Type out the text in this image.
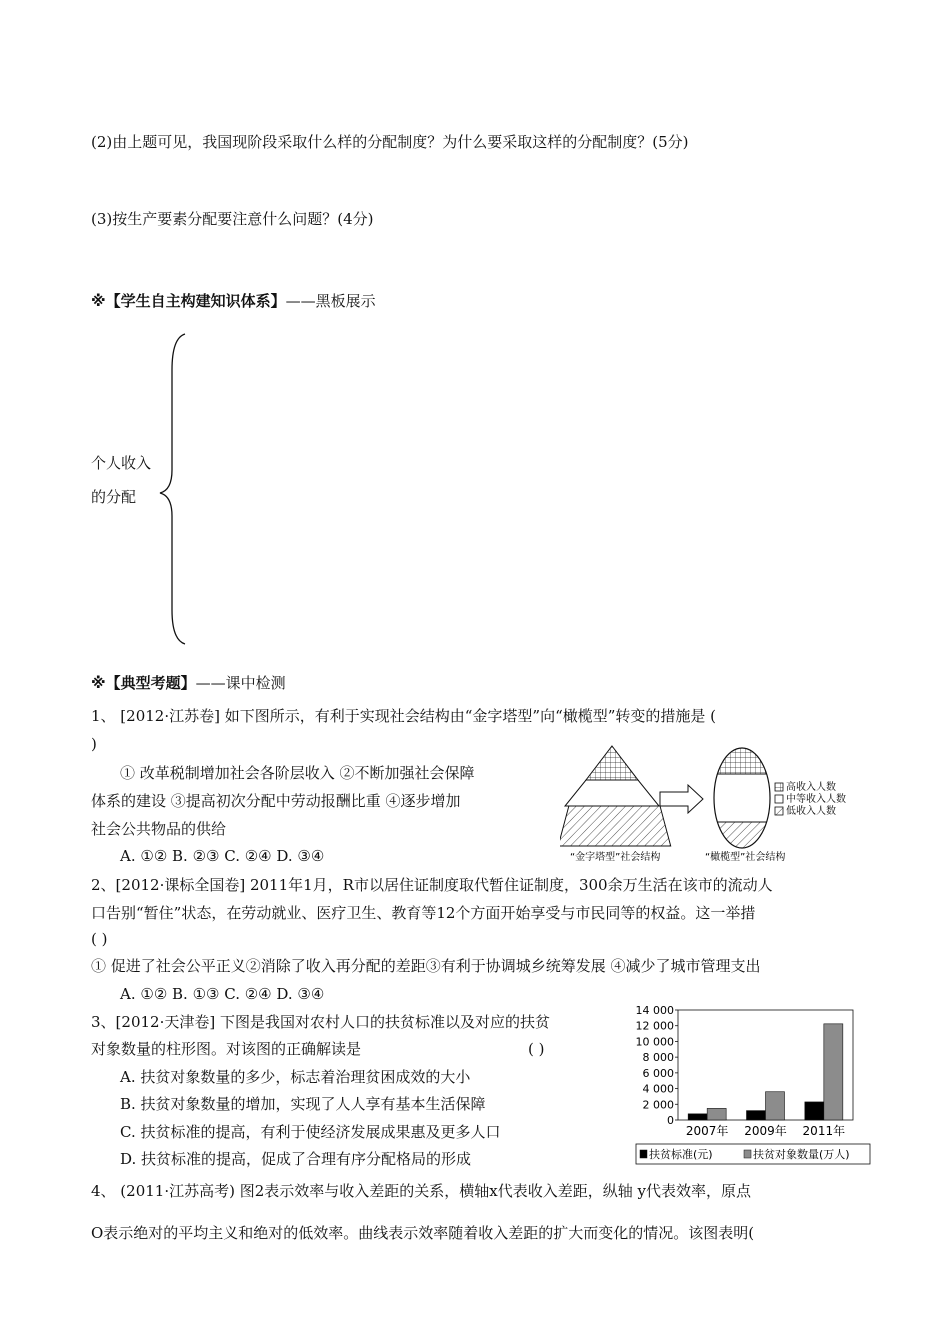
(2)由上题可见，我国现阶段采取什么样的分配制度？为什么要采取这样的分配制度？(5分)
(3)按生产要素分配要注意什么问题？(4分)
※【学生自主构建知识体系】——黑板展示
个人收入
的分配
※【典型考题】——课中检测
1、 [2012·江苏卷] 如下图所示，有利于实现社会结构由“金字塔型”向“橄榄型”转变的措施是 (
)
① 改革税制增加社会各阶层收入 ②不断加强社会保障
体系的建设 ③提高初次分配中劳动报酬比重 ④逐步增加
社会公共物品的供给
A. ①② B. ②③ C. ②④ D. ③④
高收入人数
中等收入人数
低收入人数
“金字塔型”社会结构	“橄榄型”社会结构
2、[2012·课标全国卷] 2011年1月，R市以居住证制度取代暂住证制度，300余万生活在该市的流动人
口告别“暂住”状态，在劳动就业、医疗卫生、教育等12个方面开始享受与市民同等的权益。这一举措
( )
① 促进了社会公平正义②消除了收入再分配的差距③有利于协调城乡统筹发展 ④减少了城市管理支出
A. ①② B. ①③ C. ②④ D. ③④
3、[2012·天津卷] 下图是我国对农村人口的扶贫标准以及对应的扶贫
对象数量的柱形图。对该图的正确解读是	( )
A. 扶贫对象数量的多少，标志着治理贫困成效的大小
B. 扶贫对象数量的增加，实现了人人享有基本生活保障
C. 扶贫标准的提高，有利于使经济发展成果惠及更多人口
D. 扶贫标准的提高，促成了合理有序分配格局的形成
0
2 000
4 000
6 000
8 000
10 000
12 000
14 000
2007年 2009年 2011年
扶贫标准(元)	扶贫对象数量(万人)
4、 (2011·江苏高考) 图2表示效率与收入差距的关系，横轴x代表收入差距，纵轴 y代表效率，原点
O表示绝对的平均主义和绝对的低效率。曲线表示效率随着收入差距的扩大而变化的情况。该图表明(
